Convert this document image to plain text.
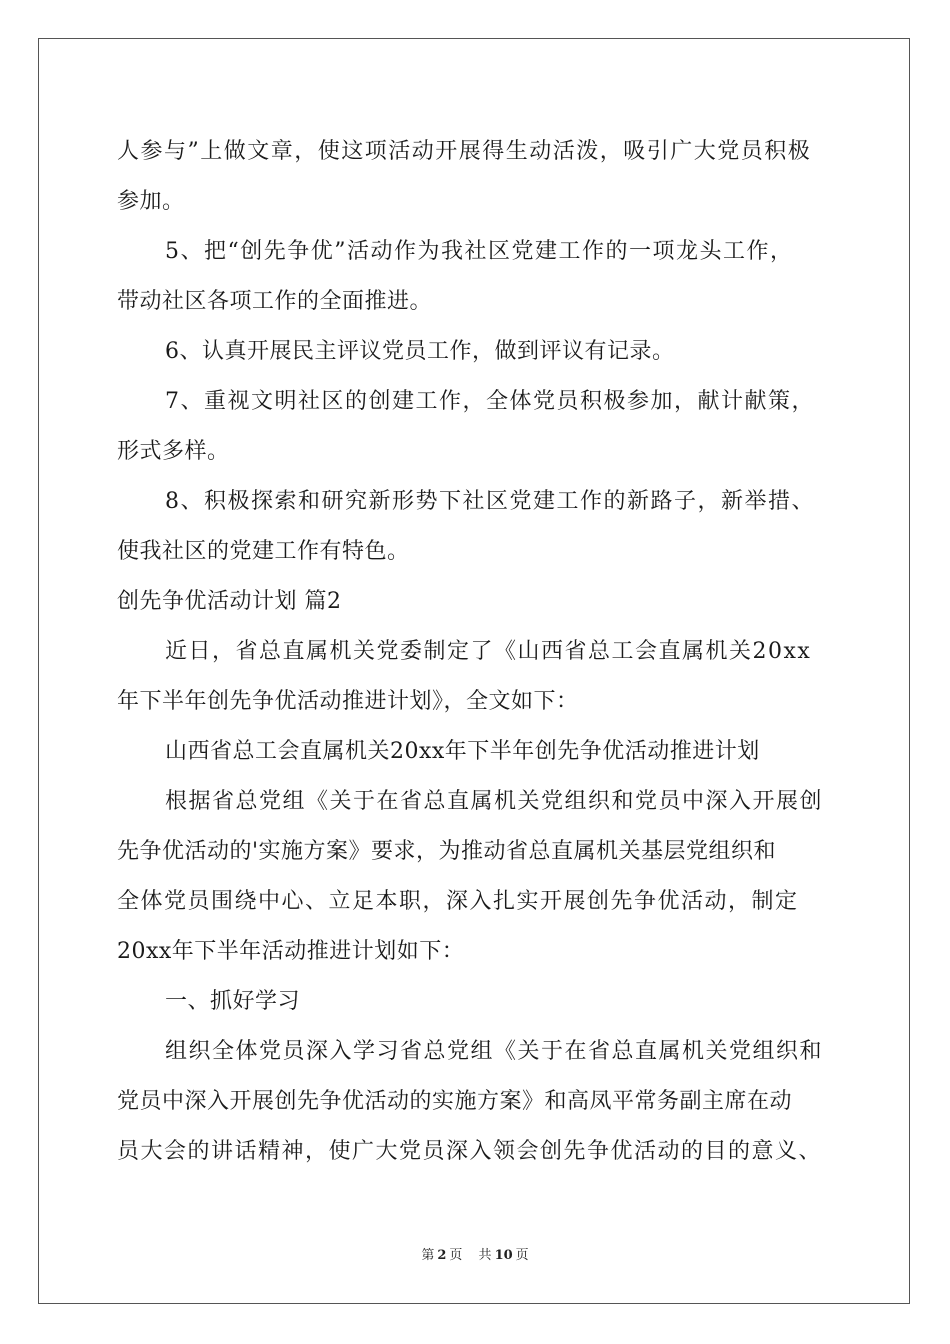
人参与”上做文章，使这项活动开展得生动活泼，吸引广大党员积极
参加。
5、把“创先争优”活动作为我社区党建工作的一项龙头工作，
带动社区各项工作的全面推进。
6、认真开展民主评议党员工作，做到评议有记录。
7、重视文明社区的创建工作，全体党员积极参加，献计献策，
形式多样。
8、积极探索和研究新形势下社区党建工作的新路子，新举措、
使我社区的党建工作有特色。
创先争优活动计划 篇2
近日，省总直属机关党委制定了《山西省总工会直属机关20xx
年下半年创先争优活动推进计划》，全文如下：
山西省总工会直属机关20xx年下半年创先争优活动推进计划
根据省总党组《关于在省总直属机关党组织和党员中深入开展创
先争优活动的'实施方案》要求，为推动省总直属机关基层党组织和
全体党员围绕中心、立足本职，深入扎实开展创先争优活动，制定
20xx年下半年活动推进计划如下：
一、抓好学习
组织全体党员深入学习省总党组《关于在省总直属机关党组织和
党员中深入开展创先争优活动的实施方案》和高凤平常务副主席在动
员大会的讲话精神，使广大党员深入领会创先争优活动的目的意义、
第 2 页 共 10 页
